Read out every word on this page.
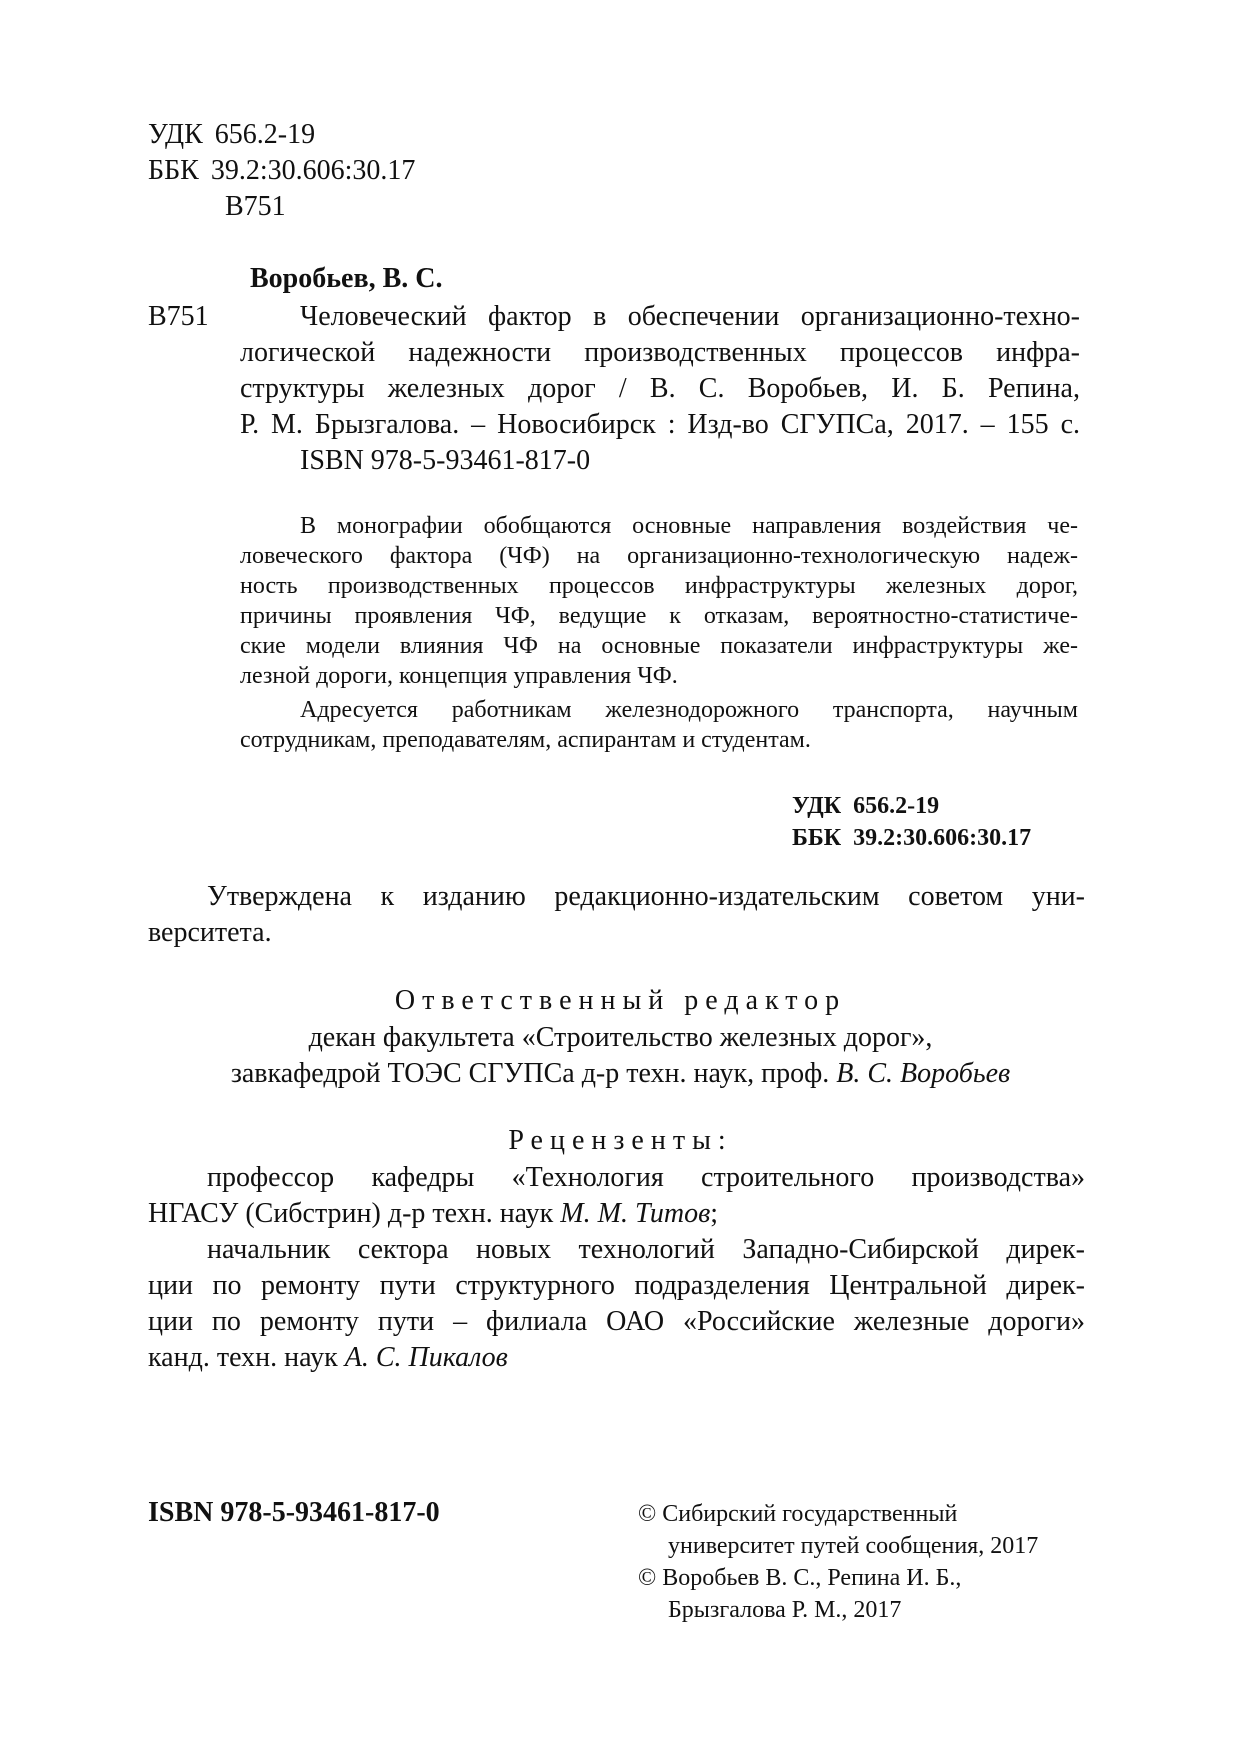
УДК 656.2-19
ББК 39.2:30.606:30.17
В751
Воробьев, В. С.
В751	Человеческий фактор в обеспечении организационно-техно-
логической надежности производственных процессов инфра-
структуры железных дорог / В. С. Воробьев, И. Б. Репина,
Р. М. Брызгалова. – Новосибирск : Изд-во СГУПСа, 2017. – 155 с.
ISBN 978-5-93461-817-0
В монографии обобщаются основные направления воздействия че-
ловеческого фактора (ЧФ) на организационно-технологическую надеж-
ность производственных процессов инфраструктуры железных дорог,
причины проявления ЧФ, ведущие к отказам, вероятностно-статистиче-
ские модели влияния ЧФ на основные показатели инфраструктуры же-
лезной дороги, концепция управления ЧФ.
Адресуется работникам железнодорожного транспорта, научным
сотрудникам, преподавателям, аспирантам и студентам.
УДК 656.2-19
ББК 39.2:30.606:30.17
Утверждена к изданию редакционно-издательским советом уни-
верситета.
Ответственный редактор
декан факультета «Строительство железных дорог»,
завкафедрой ТОЭС СГУПСа д-р техн. наук, проф. В. С. Воробьев
Рецензенты:
профессор кафедры «Технология строительного производства»
НГАСУ (Сибстрин) д-р техн. наук М. М. Титов;
начальник сектора новых технологий Западно-Сибирской дирек-
ции по ремонту пути структурного подразделения Центральной дирек-
ции по ремонту пути – филиала ОАО «Российские железные дороги»
канд. техн. наук А. С. Пикалов
ISBN 978-5-93461-817-0	© Сибирский государственный
университет путей сообщения, 2017
© Воробьев В. С., Репина И. Б.,
Брызгалова Р. М., 2017
